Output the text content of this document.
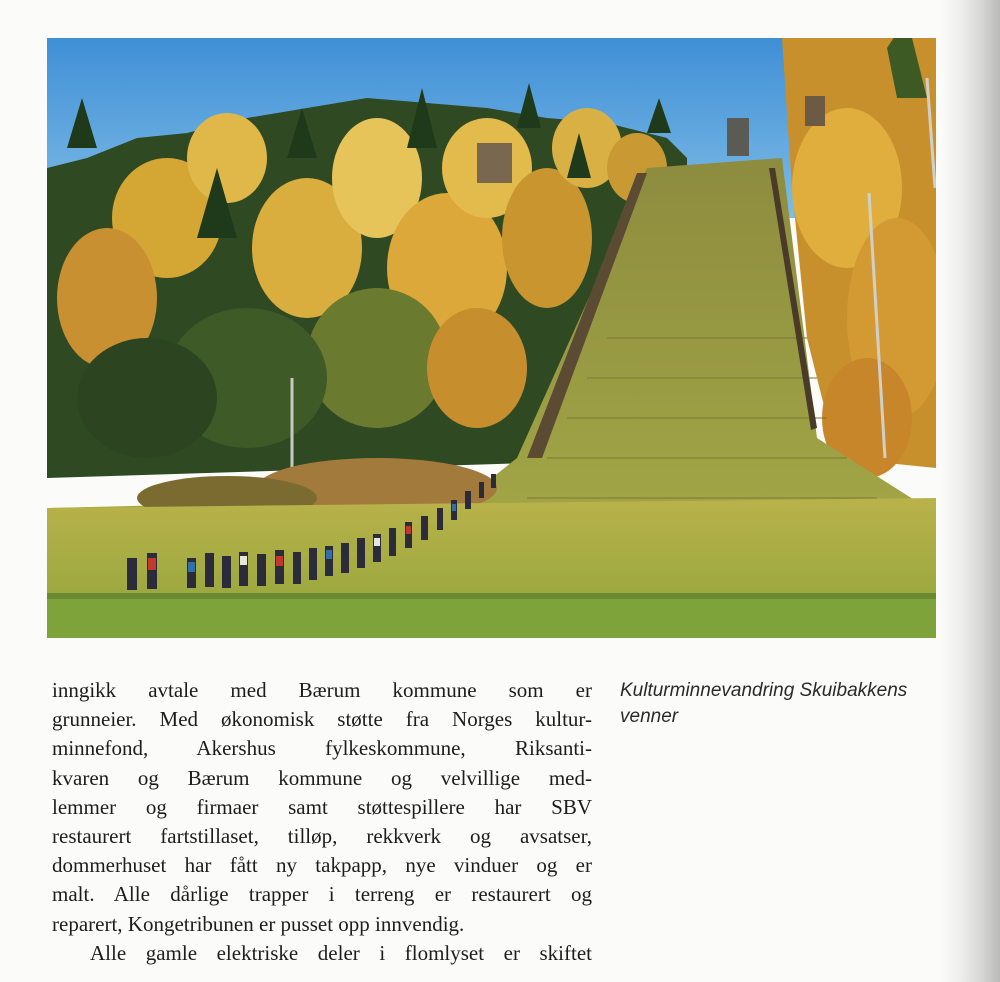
inngikk avtale med Bærum kommune som er
grunneier. Med økonomisk støtte fra Norges kultur-
minnefond, Akershus fylkeskommune, Riksanti-
kvaren og Bærum kommune og velvillige med-
lemmer og firmaer samt støttespillere har SBV
restaurert fartstillaset, tilløp, rekkverk og avsatser,
dommerhuset har fått ny takpapp, nye vinduer og er
malt. Alle dårlige trapper i terreng er restaurert og
reparert, Kongetribunen er pusset opp innvendig.

Alle gamle elektriske deler i flomlyset er skiftet

Kulturminnevandring Skuibakkens
venner
